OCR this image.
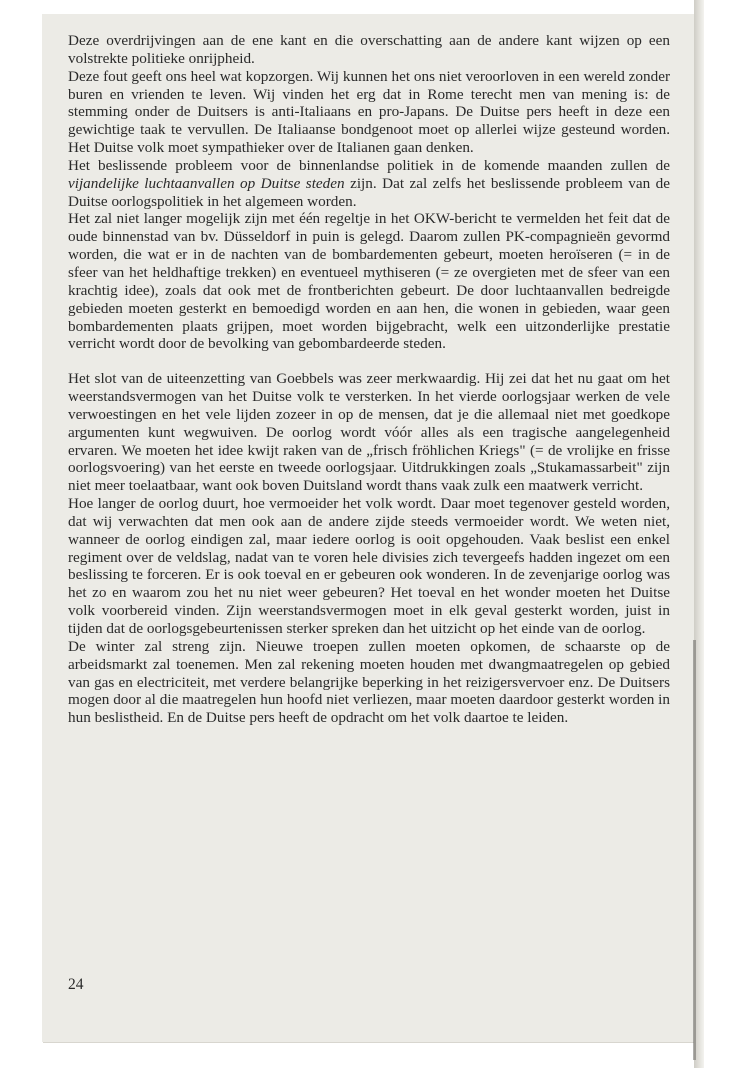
Deze overdrijvingen aan de ene kant en die overschatting aan de andere kant wijzen op een volstrekte politieke onrijpheid.

Deze fout geeft ons heel wat kopzorgen. Wij kunnen het ons niet veroorloven in een wereld zonder buren en vrienden te leven. Wij vinden het erg dat in Rome terecht men van mening is: de stemming onder de Duitsers is anti-Italiaans en pro-Japans. De Duitse pers heeft in deze een gewichtige taak te vervullen. De Italiaanse bondgenoot moet op allerlei wijze gesteund worden. Het Duitse volk moet sympathieker over de Italianen gaan denken.

Het beslissende probleem voor de binnenlandse politiek in de komende maanden zullen de vijandelijke luchtaanvallen op Duitse steden zijn. Dat zal zelfs het beslissende probleem van de Duitse oorlogspolitiek in het algemeen worden.

Het zal niet langer mogelijk zijn met één regeltje in het OKW-bericht te vermelden het feit dat de oude binnenstad van bv. Düsseldorf in puin is gelegd. Daarom zullen PK-compagnieën gevormd worden, die wat er in de nachten van de bombardementen gebeurt, moeten heroïseren (= in de sfeer van het heldhaftige trekken) en eventueel mythiseren (= ze overgieten met de sfeer van een krachtig idee), zoals dat ook met de frontberichten gebeurt. De door luchtaanvallen bedreigde gebieden moeten gesterkt en bemoedigd worden en aan hen, die wonen in gebieden, waar geen bombardementen plaats grijpen, moet worden bijgebracht, welk een uitzonderlijke prestatie verricht wordt door de bevolking van gebombardeerde steden.

Het slot van de uiteenzetting van Goebbels was zeer merkwaardig. Hij zei dat het nu gaat om het weerstandsvermogen van het Duitse volk te versterken. In het vierde oorlogsjaar werken de vele verwoestingen en het vele lijden zozeer in op de mensen, dat je die allemaal niet met goedkope argumenten kunt wegwuiven. De oorlog wordt vóór alles als een tragische aangelegenheid ervaren. We moeten het idee kwijt raken van de „frisch fröhlichen Kriegs" (= de vrolijke en frisse oorlogsvoering) van het eerste en tweede oorlogsjaar. Uitdrukkingen zoals „Stukamassarbeit" zijn niet meer toelaatbaar, want ook boven Duitsland wordt thans vaak zulk een maatwerk verricht.

Hoe langer de oorlog duurt, hoe vermoeider het volk wordt. Daar moet tegenover gesteld worden, dat wij verwachten dat men ook aan de andere zijde steeds vermoeider wordt. We weten niet, wanneer de oorlog eindigen zal, maar iedere oorlog is ooit opgehouden. Vaak beslist een enkel regiment over de veldslag, nadat van te voren hele divisies zich tevergeefs hadden ingezet om een beslissing te forceren. Er is ook toeval en er gebeuren ook wonderen. In de zevenjarige oorlog was het zo en waarom zou het nu niet weer gebeuren? Het toeval en het wonder moeten het Duitse volk voorbereid vinden. Zijn weerstandsvermogen moet in elk geval gesterkt worden, juist in tijden dat de oorlogsgebeurtenissen sterker spreken dan het uitzicht op het einde van de oorlog.

De winter zal streng zijn. Nieuwe troepen zullen moeten opkomen, de schaarste op de arbeidsmarkt zal toenemen. Men zal rekening moeten houden met dwangmaatregelen op gebied van gas en electriciteit, met verdere belangrijke beperking in het reizigersvervoer enz. De Duitsers mogen door al die maatregelen hun hoofd niet verliezen, maar moeten daardoor gesterkt worden in hun beslistheid. En de Duitse pers heeft de opdracht om het volk daartoe te leiden.

24
